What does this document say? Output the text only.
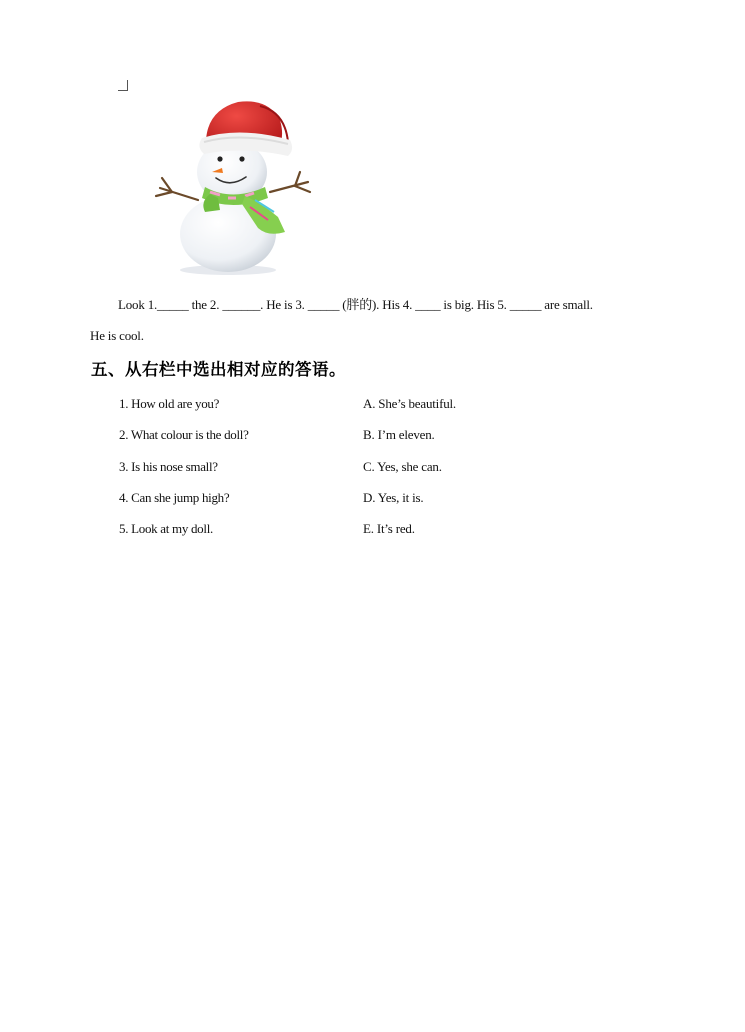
Look 1._____ the 2. ______. He is 3. _____ (胖的). His 4. ____ is big. His 5. _____ are small.
He is cool.
五、从右栏中选出相对应的答语。
1. How old are you?	A. She’s beautiful.
2. What colour is the doll?	B. I’m eleven.
3. Is his nose small?	C. Yes, she can.
4. Can she jump high?	D. Yes, it is.
5. Look at my doll.	E. It’s red.
